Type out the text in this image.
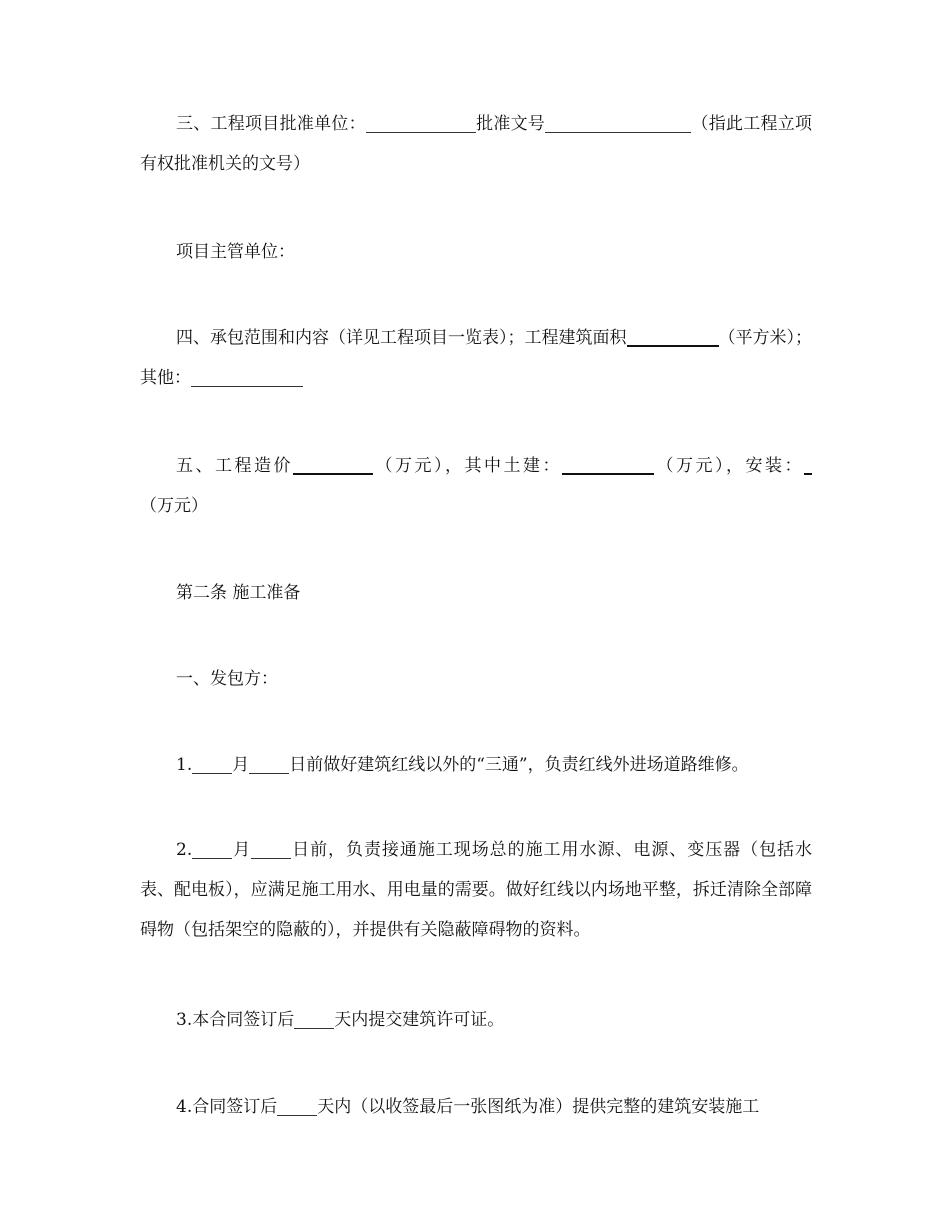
三、工程项目批准单位：	批准文号	（指此工程立项有权批准机关的文号）
项目主管单位：
四、承包范围和内容（详见工程项目一览表）；工程建筑面积	（平方米）；其他：
五、工程造价	（万元），其中土建：	（万元），安装：（万元）
第二条 施工准备
一、发包方：
1. 月 日前做好建筑红线以外的“三通”，负责红线外进场道路维修。
2. 月 日前，负责接通施工现场总的施工用水源、电源、变压器（包括水表、配电板），应满足施工用水、用电量的需要。做好红线以内场地平整，拆迁清除全部障碍物（包括架空的隐蔽的），并提供有关隐蔽障碍物的资料。
3.本合同签订后 天内提交建筑许可证。
4.合同签订后 天内（以收签最后一张图纸为准）提供完整的建筑安装施工
